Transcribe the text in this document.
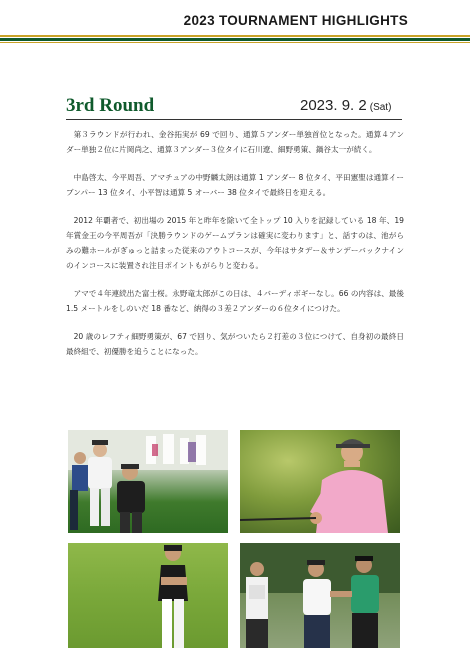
2023 TOURNAMENT HIGHLIGHTS
3rd Round	2023. 9. 2 (Sat)

第３ラウンドが行われ、金谷拓実が 69 で回り、通算５アンダー単独首位となった。通算４アンダー単独２位に片岡尚之、通算３アンダー３位タイに石川遼、細野勇策、鍋谷太一が続く。

中島啓太、今平周吾、アマチュアの中野麟太朗は通算 1 アンダー 8 位タイ、平田憲聖は通算イーブンパー 13 位タイ、小平智は通算 5 オーバー 38 位タイで最終日を迎える。

2012 年覇者で、初出場の 2015 年と昨年を除いて全トップ 10 入りを記録している 18 年、19 年賞金王の今平周吾が「決勝ラウンドのゲームプランは確実に変わります」と、話すのは、池がらみの難ホールがぎゅっと詰まった従来のアウトコースが、今年はサタデー＆サンデーバックナインのインコースに装置され注目ポイントもがらりと変わる。

アマで４年連続出た富士桜。永野竜太郎がこの日は、４バーディボギーなし。66 の内容は、最後 1.5 メートルをしのいだ 18 番など、納得の３差２アンダーの６位タイにつけた。

20 歳のレフティ細野勇策が、67 で回り、気がついたら２打差の３位につけて、自身初の最終日最終組で、初優勝を追うことになった。
